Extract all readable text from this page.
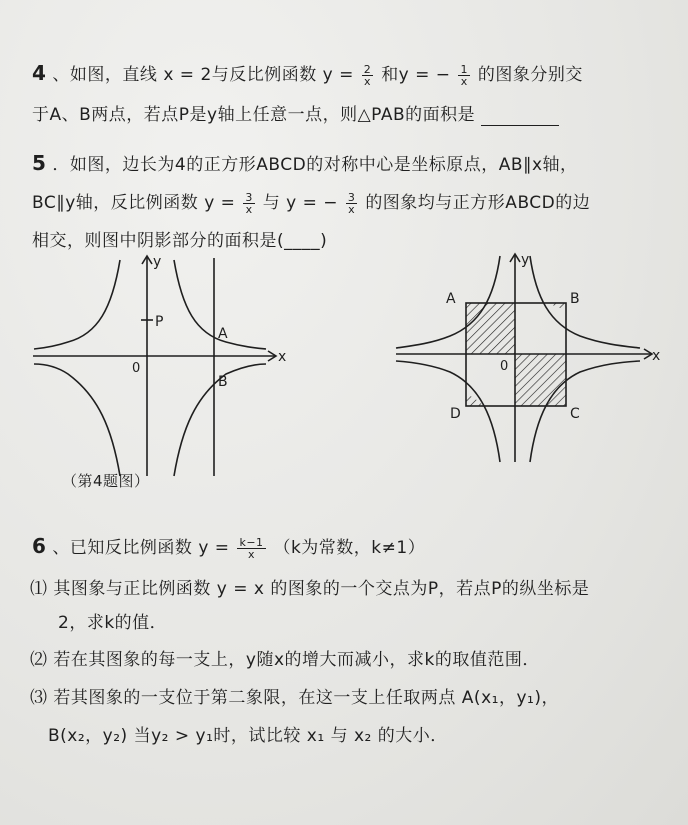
4 、如图，直线 x = 2与反比例函数 $y = \frac{2}{x}$ 和y = − $\frac{1}{x}$ 的图象分别交
于A、B两点，若点P是y轴上任意一点，则△PAB的面积是
5 ．如图，边长为4的正方形ABCD的对称中心是坐标原点，AB∥x轴，
BC∥y轴，反比例函数 $y = \frac{3}{x}$ 与 y = − $\frac{3}{x}$ 的图象均与正方形ABCD的边
相交，则图中阴影部分的面积是(____)
y
x
0
P
A
B
（第4题图）
y
x
0
A	B
C
D
6 、已知反比例函数 $y = \frac{k-1}{x} (k$为常数，k≠1）
⑴ 其图象与正比例函数 y = x 的图象的一个交点为P，若点P的纵坐标是
2，求k的值．
⑵ 若在其图象的每一支上，y随x的增大而减小，求k的取值范围．
⑶ 若其图象的一支位于第二象限，在这一支上任取两点 A(x₁，y₁)，
B(x₂，y₂) 当y₂ > y₁时，试比较 x₁ 与 x₂ 的大小．
